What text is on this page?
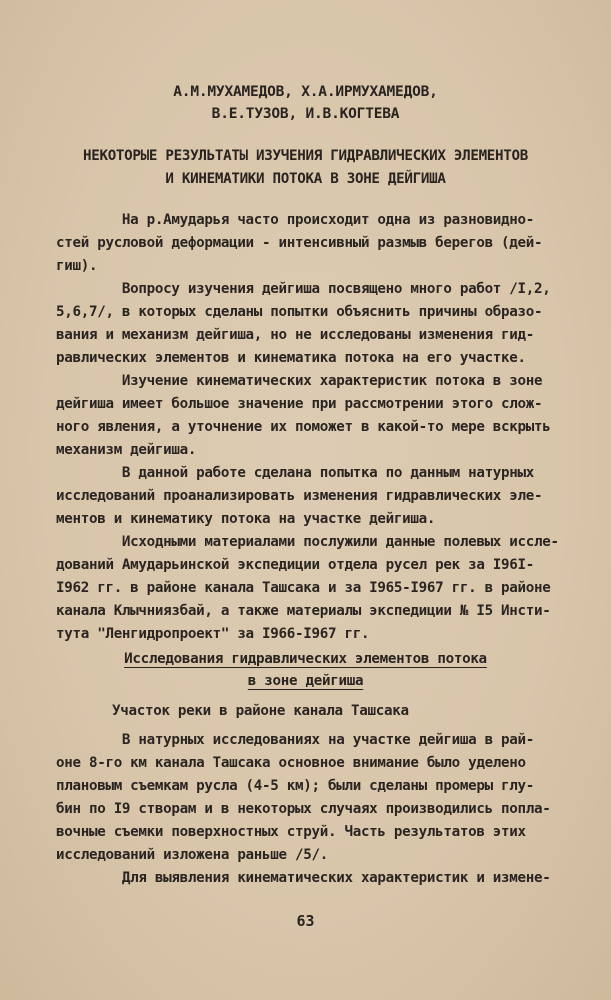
А.М.МУХАМЕДОВ, Х.А.ИРМУХАМЕДОВ,
В.Е.ТУЗОВ, И.В.КОГТЕВА
НЕКОТОРЫЕ РЕЗУЛЬТАТЫ ИЗУЧЕНИЯ ГИДРАВЛИЧЕСКИХ ЭЛЕМЕНТОВ
И КИНЕМАТИКИ ПОТОКА В ЗОНЕ ДЕЙГИША
На р.Амударья часто происходит одна из разновидно-
стей русловой деформации - интенсивный размыв берегов (дей-
гиш).
Вопросу изучения дейгиша посвящено много работ /I,2,
5,6,7/, в которых сделаны попытки объяснить причины образо-
вания и механизм дейгиша, но не исследованы изменения гид-
равлических элементов и кинематика потока на его участке.
Изучение кинематических характеристик потока в зоне
дейгиша имеет большое значение при рассмотрении этого слож-
ного явления, а уточнение их поможет в какой-то мере вскрыть
механизм дейгиша.
В данной работе сделана попытка по данным натурных
исследований проанализировать изменения гидравлических эле-
ментов и кинематику потока на участке дейгиша.
Исходными материалами послужили данные полевых иссле-
дований Амударьинской экспедиции отдела русел рек за I96I-
I962 гг. в районе канала Ташсака и за I965-I967 гг. в районе
канала Клычниязбай, а также материалы экспедиции № I5 Инсти-
тута "Ленгидропроект" за I966-I967 гг.
Исследования гидравлических элементов потока
в зоне дейгиша
Участок реки в районе канала Ташсака
В натурных исследованиях на участке дейгиша в рай-
оне 8-го км канала Ташсака основное внимание было уделено
плановым съемкам русла (4-5 км); были сделаны промеры глу-
бин по I9 створам и в некоторых случаях производились попла-
вочные съемки поверхностных струй. Часть результатов этих
исследований изложена раньше /5/.
Для выявления кинематических характеристик и измене-
63
